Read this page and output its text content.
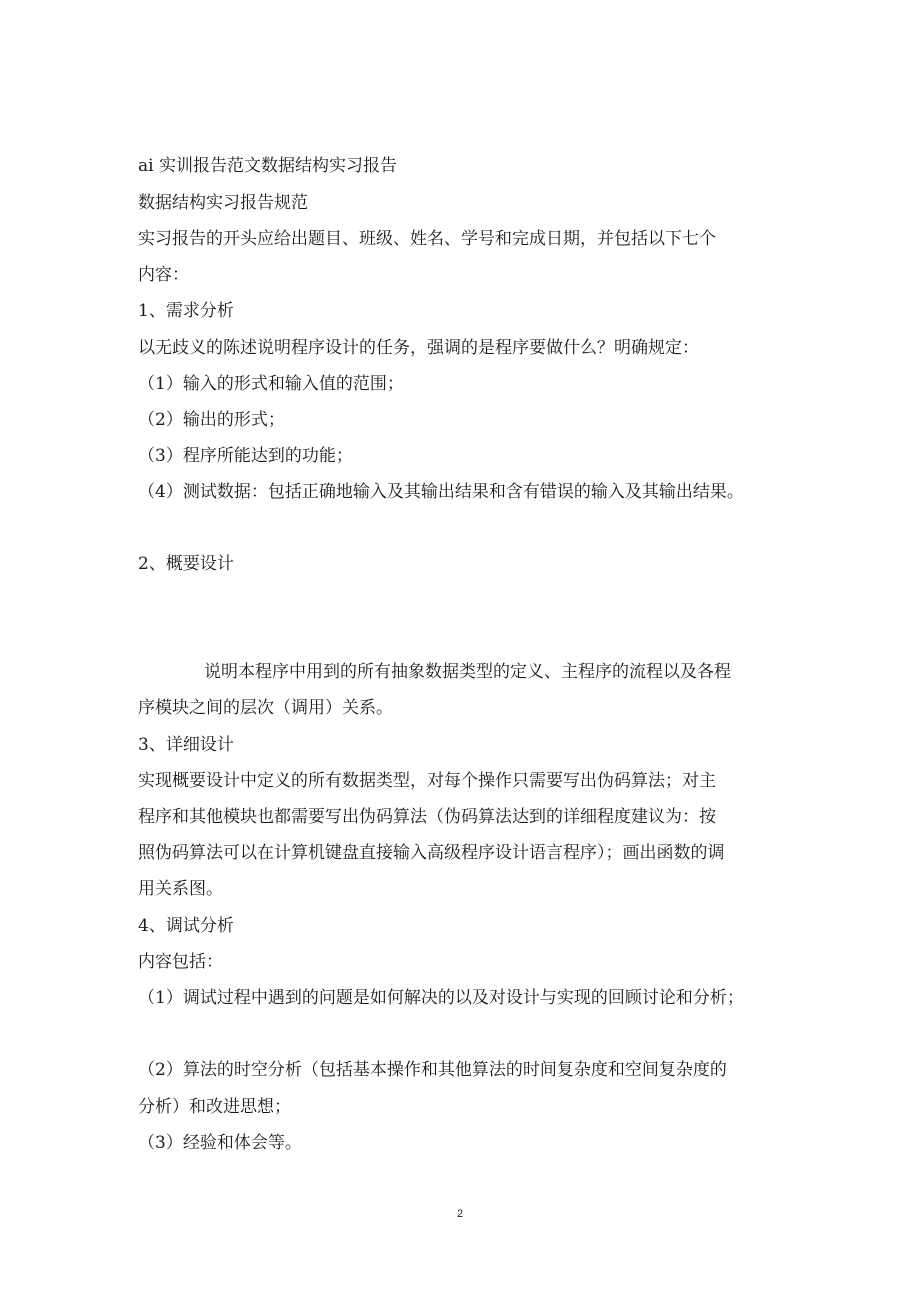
ai 实训报告范文数据结构实习报告
数据结构实习报告规范
实习报告的开头应给出题目、班级、姓名、学号和完成日期，并包括以下七个
内容：
1、需求分析
以无歧义的陈述说明程序设计的任务，强调的是程序要做什么？明确规定：
（1）输入的形式和输入值的范围；
（2）输出的形式；
（3）程序所能达到的功能；
（4）测试数据：包括正确地输入及其输出结果和含有错误的输入及其输出结果。
2、概要设计
说明本程序中用到的所有抽象数据类型的定义、主程序的流程以及各程
序模块之间的层次（调用）关系。
3、详细设计
实现概要设计中定义的所有数据类型，对每个操作只需要写出伪码算法；对主
程序和其他模块也都需要写出伪码算法（伪码算法达到的详细程度建议为：按
照伪码算法可以在计算机键盘直接输入高级程序设计语言程序）；画出函数的调
用关系图。
4、调试分析
内容包括：
（1）调试过程中遇到的问题是如何解决的以及对设计与实现的回顾讨论和分析；
（2）算法的时空分析（包括基本操作和其他算法的时间复杂度和空间复杂度的
分析）和改进思想；
（3）经验和体会等。
2
